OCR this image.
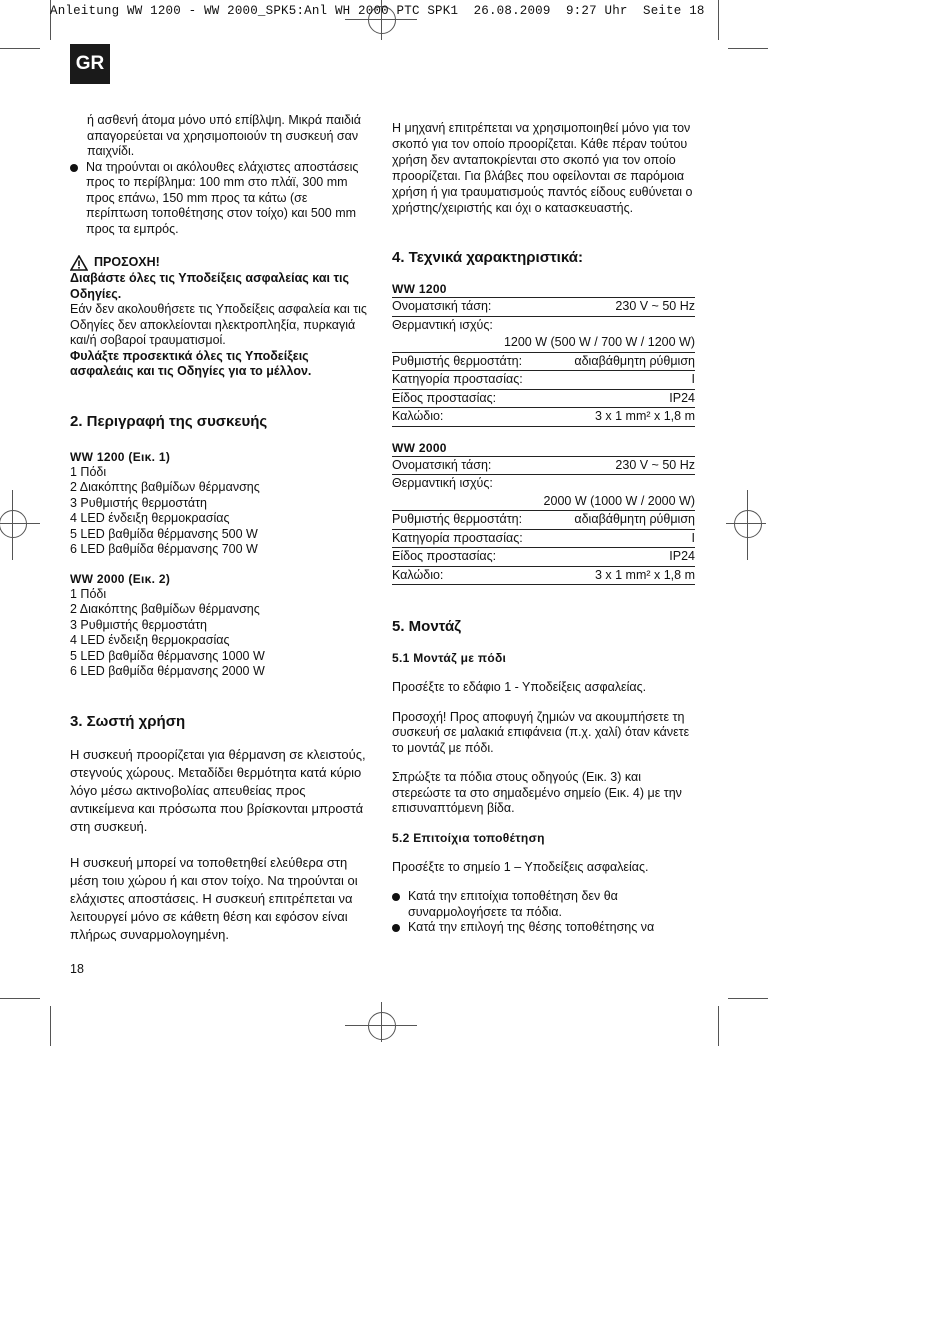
Anleitung WW 1200 - WW 2000_SPK5:Anl WH 2000 PTC SPK1  26.08.2009  9:27 Uhr  Seite 18
GR

ή ασθενή άτομα μόνο υπό επίβλψη. Μικρά παιδιά απαγορεύεται να χρησιμοποιούν τη συσκευή σαν παιχνίδι.

Να τηρούνται οι ακόλουθες ελάχιστες αποστάσεις προς το περίβλημα: 100 mm στο πλάϊ, 300 mm προς επάνω, 150 mm προς τα κάτω (σε περίπτωση τοποθέτησης στον τοίχο) και 500 mm προς τα εμπρός.

ΠΡΟΣΟΧΗ!

Διαβάστε όλες τις Υποδείξεις ασφαλείας και τις Οδηγίες.

Εάν δεν ακολουθήσετε τις Υποδείξεις ασφαλεία και τις Οδηγίες δεν αποκλείονται ηλεκτροπληξία, πυρκαγιά και/ή σοβαροί τραυματισμοί.

Φυλάξτε προσεκτικά όλες τις Υποδείξεις ασφαλεάις και τις Οδηγίες για το μέλλον.

2. Περιγραφή της συσκευής
WW 1200 (Εικ. 1)

1 Πόδι

2 Διακόπτης βαθμίδων θέρμανσης

3 Ρυθμιστής θερμοστάτη

4 LED ένδειξη θερμοκρασίας

5 LED βαθμίδα θέρμανσης 500 W

6 LED βαθμίδα θέρμανσης 700 W

WW 2000 (Εικ. 2)

1 Πόδι

2 Διακόπτης βαθμίδων θέρμανσης

3 Ρυθμιστής θερμοστάτη

4 LED ένδειξη θερμοκρασίας

5 LED βαθμίδα θέρμανσης 1000 W

6 LED βαθμίδα θέρμανσης 2000 W

3. Σωστή χρήση

Η συσκευή προορίζεται για θέρμανση σε κλειστούς, στεγνούς χώρους. Μεταδίδει θερμότητα κατά κύριο λόγο μέσω ακτινοβολίας απευθείας προς αντικείμενα και πρόσωπα που βρίσκονται μπροστά στη συσκευή.

Η συσκευή μπορεί να τοποθετηθεί ελεύθερα στη μέση τοιυ χώρου ή και στον τοίχο. Να τηρούνται οι ελάχιστες αποστάσεις. Η συσκευή επιτρέπεται να λειτουργεί μόνο σε κάθετη θέση και εφόσον είναι πλήρως συναρμολογημένη.

Η μηχανή επιτρέπεται να χρησιμοποιηθεί μόνο για τον σκοπό για τον οποίο προορίζεται. Κάθε πέραν τούτου χρήση δεν ανταποκρίενται στο σκοπό για τον οποίο προορίζεται. Για βλάβες που οφείλονται σε παρόμοια χρήση ή για τραυματισμούς παντός είδους ευθύνεται ο χρήστης/χειριστής και όχι ο κατασκευαστής.

4. Τεχνικά χαρακτηριστικά:
WW 1200
Ονοματσική τάση:	230 V ~ 50 Hz
Θερμαντική ισχύς:	
1200 W (500 W / 700 W / 1200 W)	
Ρυθμιστής θερμοστάτη:	αδιαβάθμητη ρύθμιση
Κατηγορία προστασίας:	I
Είδος προστασίας:	IP24
Καλώδιο:	3 x 1 mm² x 1,8 m
WW 2000
Ονοματσική τάση:	230 V ~ 50 Hz
Θερμαντική ισχύς:	
2000 W (1000 W / 2000 W)	
Ρυθμιστής θερμοστάτη:	αδιαβάθμητη ρύθμιση
Κατηγορία προστασίας:	I
Είδος προστασίας:	IP24
Καλώδιο:	3 x 1 mm² x 1,8 m
5. Μοντάζ
5.1 Μοντάζ με πόδι

Προσέξτε το εδάφιο 1 - Υποδείξεις ασφαλείας.

Προσοχή! Προς αποφυγή ζημιών να ακουμπήσετε τη συσκευή σε μαλακιά επιφάνεια (π.χ. χαλί) όταν κάνετε το μοντάζ με πόδι.

Σπρώξτε τα πόδια στους οδηγούς (Εικ. 3) και στερεώστε τα στο σημαδεμένο σημείο (Εικ. 4) με την επισυναπτόμενη βίδα.

5.2 Επιτοίχια τοποθέτηση

Προσέξτε το σημείο 1 – Υποδείξεις ασφαλείας.

Κατά την επιτοίχια τοποθέτηση δεν θα συναρμολογήσετε τα πόδια.

Κατά την επιλογή της θέσης τοποθέτησης να

18
